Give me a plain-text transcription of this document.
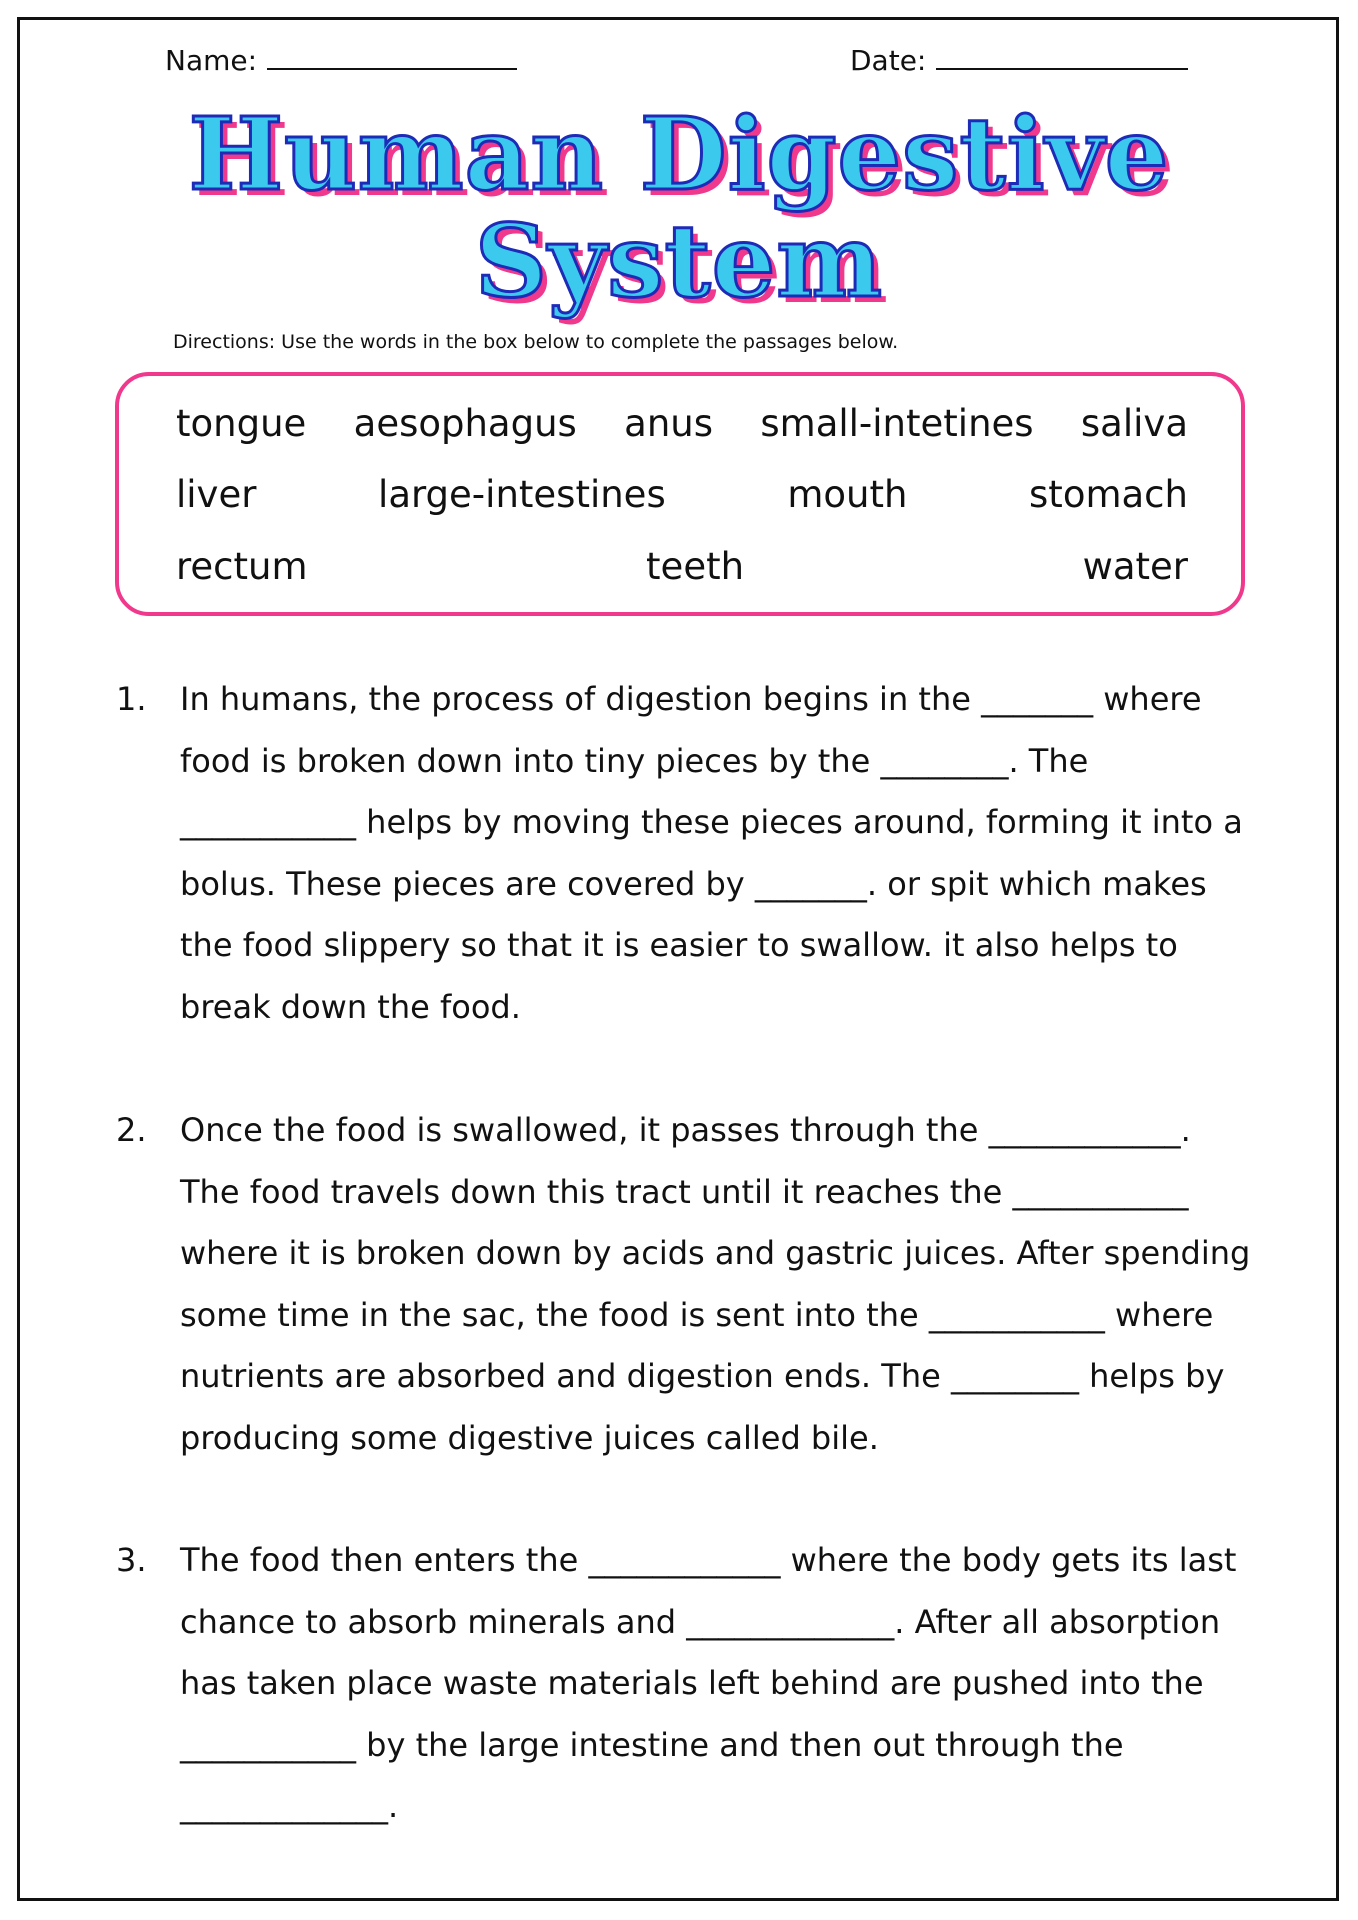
Name:	Date:
Human Digestive
System

Directions: Use the words in the box below to complete the passages below.

tongue aesophagus anus small-intetines saliva
liver	large-intestines	mouth	stomach
rectum	teeth	water
1.	In humans, the process of digestion begins in the _______ where food is broken down into tiny pieces by the ________. The ___________ helps by moving these pieces around, forming it into a bolus. These pieces are covered by _______. or spit which makes the food slippery so that it is easier to swallow. it also helps to break down the food.

2.	Once the food is swallowed, it passes through the ____________. The food travels down this tract until it reaches the ___________ where it is broken down by acids and gastric juices. After spending some time in the sac, the food is sent into the ___________ where nutrients are absorbed and digestion ends. The ________ helps by producing some digestive juices called bile.

3.	The food then enters the ____________ where the body gets its last chance to absorb minerals and _____________. After all absorption has taken place waste materials left behind are pushed into the ___________ by the large intestine and then out through the _____________.
